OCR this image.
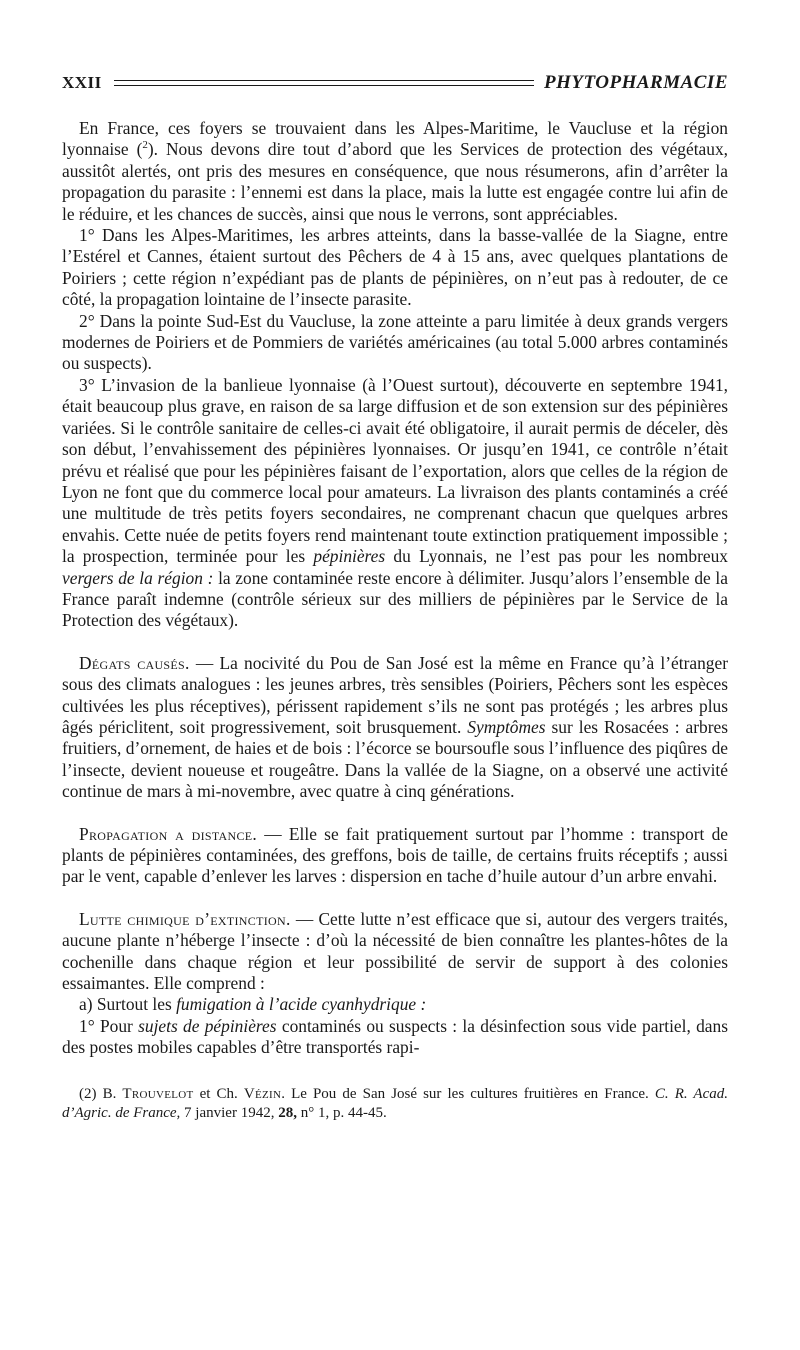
XXII	PHYTOPHARMACIE

En France, ces foyers se trouvaient dans les Alpes-Maritime, le Vaucluse et la région lyonnaise ($^2$). Nous devons dire tout d’abord que les Services de protection des végétaux, aussitôt alertés, ont pris des mesures en conséquence, que nous résumerons, afin d’arrêter la propagation du parasite : l’ennemi est dans la place, mais la lutte est engagée contre lui afin de le réduire, et les chances de succès, ainsi que nous le verrons, sont appréciables.

1° Dans les Alpes-Maritimes, les arbres atteints, dans la basse-vallée de la Siagne, entre l’Estérel et Cannes, étaient surtout des Pêchers de 4 à 15 ans, avec quelques plantations de Poiriers ; cette région n’expédiant pas de plants de pépinières, on n’eut pas à redouter, de ce côté, la propagation lointaine de l’insecte parasite.

2° Dans la pointe Sud-Est du Vaucluse, la zone atteinte a paru limitée à deux grands vergers modernes de Poiriers et de Pommiers de variétés américaines (au total 5.000 arbres contaminés ou suspects).

3° L’invasion de la banlieue lyonnaise (à l’Ouest surtout), découverte en septembre 1941, était beaucoup plus grave, en raison de sa large diffusion et de son extension sur des pépinières variées. Si le contrôle sanitaire de celles-ci avait été obligatoire, il aurait permis de déceler, dès son début, l’envahissement des pépinières lyonnaises. Or jusqu’en 1941, ce contrôle n’était prévu et réalisé que pour les pépinières faisant de l’exportation, alors que celles de la région de Lyon ne font que du commerce local pour amateurs. La livraison des plants contaminés a créé une multitude de très petits foyers secondaires, ne comprenant chacun que quelques arbres envahis. Cette nuée de petits foyers rend maintenant toute extinction pratiquement impossible ; la prospection, terminée pour les pépinières du Lyonnais, ne l’est pas pour les nombreux vergers de la région : la zone contaminée reste encore à délimiter. Jusqu’alors l’ensemble de la France paraît indemne (contrôle sérieux sur des milliers de pépinières par le Service de la Protection des végétaux).

Dégats causés. — La nocivité du Pou de San José est la même en France qu’à l’étranger sous des climats analogues : les jeunes arbres, très sensibles (Poiriers, Pêchers sont les espèces cultivées les plus réceptives), périssent rapidement s’ils ne sont pas protégés ; les arbres plus âgés périclitent, soit progressivement, soit brusquement. Symptômes sur les Rosacées : arbres fruitiers, d’ornement, de haies et de bois : l’écorce se boursoufle sous l’influence des piqûres de l’insecte, devient noueuse et rougeâtre. Dans la vallée de la Siagne, on a observé une activité continue de mars à mi-novembre, avec quatre à cinq générations.

Propagation a distance. — Elle se fait pratiquement surtout par l’homme : transport de plants de pépinières contaminées, des greffons, bois de taille, de certains fruits réceptifs ; aussi par le vent, capable d’enlever les larves : dispersion en tache d’huile autour d’un arbre envahi.

Lutte chimique d’extinction. — Cette lutte n’est efficace que si, autour des vergers traités, aucune plante n’héberge l’insecte : d’où la nécessité de bien connaître les plantes-hôtes de la cochenille dans chaque région et leur possibilité de servir de support à des colonies essaimantes. Elle comprend :

a) Surtout les fumigation à l’acide cyanhydrique :

1° Pour sujets de pépinières contaminés ou suspects : la désinfection sous vide partiel, dans des postes mobiles capables d’être transportés rapi-

(2) B. Trouvelot et Ch. Vézin. Le Pou de San José sur les cultures fruitières en France. C. R. Acad. d’Agric. de France, 7 janvier 1942, 28, n° 1, p. 44-45.
